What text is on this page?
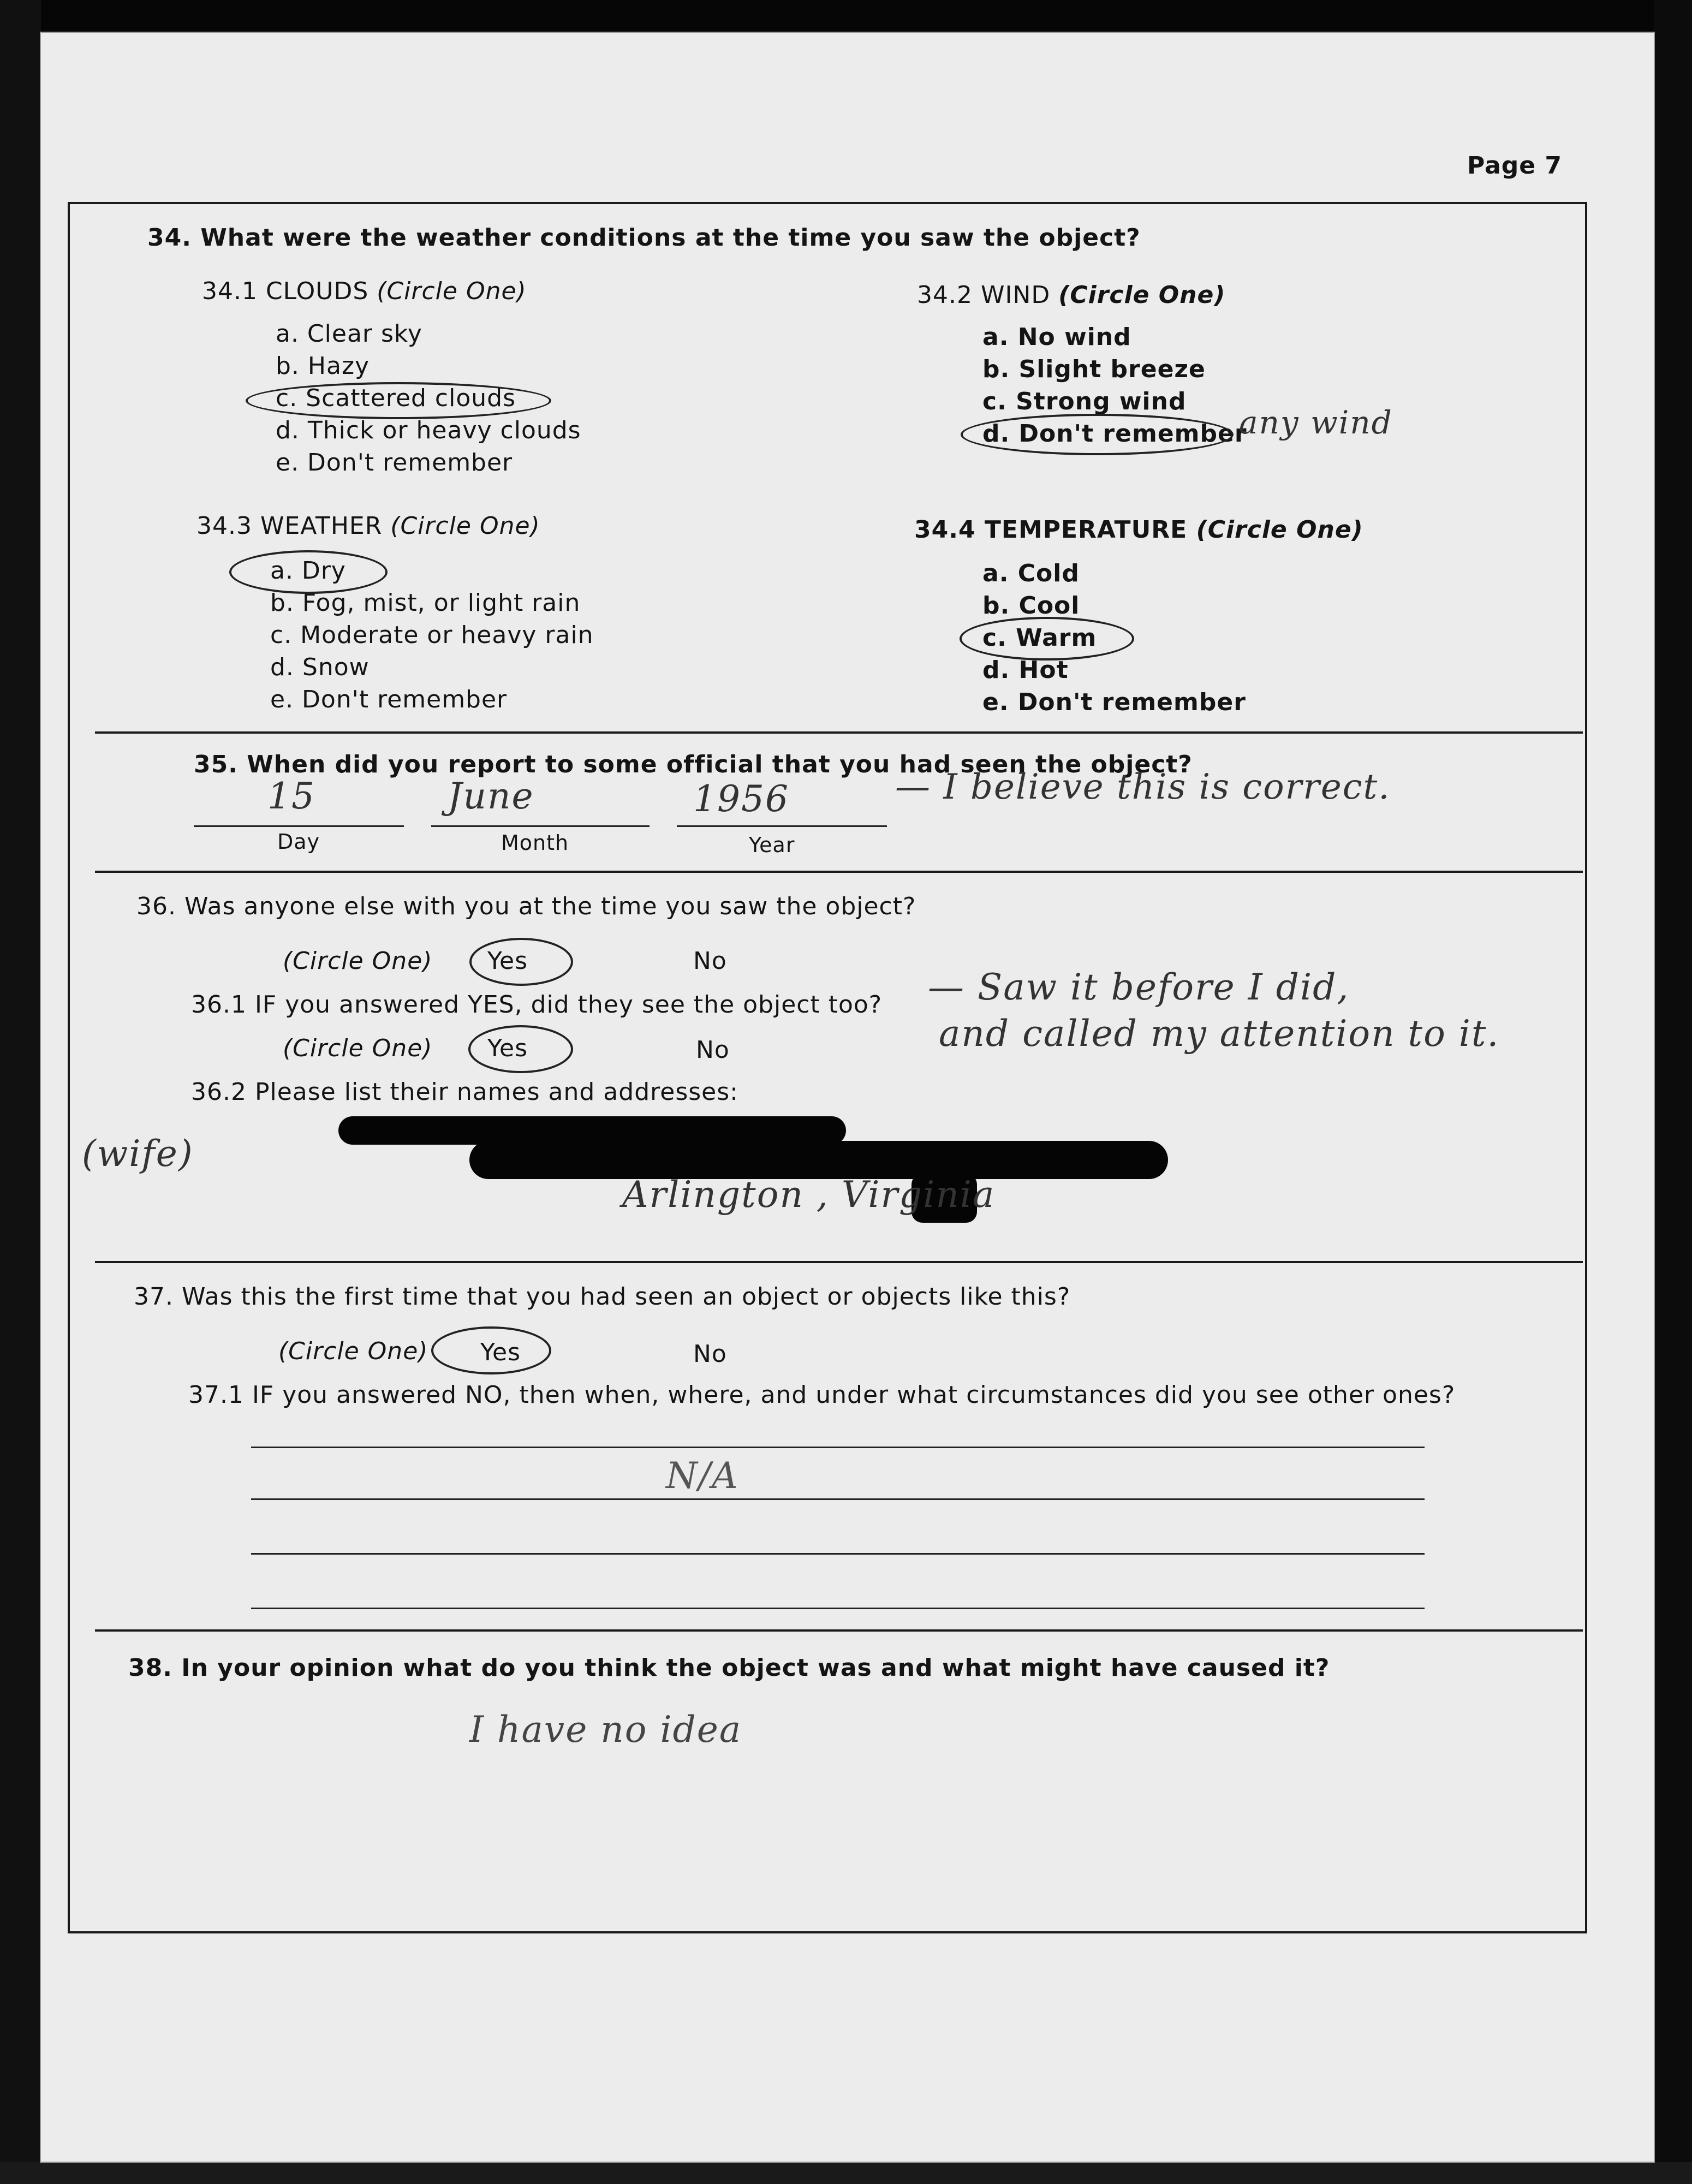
Page 7
34. What were the weather conditions at the time you saw the object?
34.1 CLOUDS (Circle One)
a. Clear sky
b. Hazy
c. Scattered clouds
d. Thick or heavy clouds
e. Don't remember
34.2 WIND (Circle One)
a. No wind
b. Slight breeze
c. Strong wind
d. Don't remember
any wind
34.3 WEATHER (Circle One)
a. Dry
b. Fog, mist, or light rain
c. Moderate or heavy rain
d. Snow
e. Don't remember
34.4 TEMPERATURE (Circle One)
a. Cold
b. Cool
c. Warm
d. Hot
e. Don't remember
35. When did you report to some official that you had seen the object?
15	June	1956	— I believe this is correct.
Day	Month	Year
36. Was anyone else with you at the time you saw the object?
(Circle One) Yes	No
36.1 IF you answered YES, did they see the object too?
(Circle One) Yes	No
— Saw it before I did,
and called my attention to it.
36.2 Please list their names and addresses:
(wife)
Arlington , Virginia
37. Was this the first time that you had seen an object or objects like this?
(Circle One) Yes	No
37.1 IF you answered NO, then when, where, and under what circumstances did you see other ones?
N/A
38. In your opinion what do you think the object was and what might have caused it?
I have no idea
